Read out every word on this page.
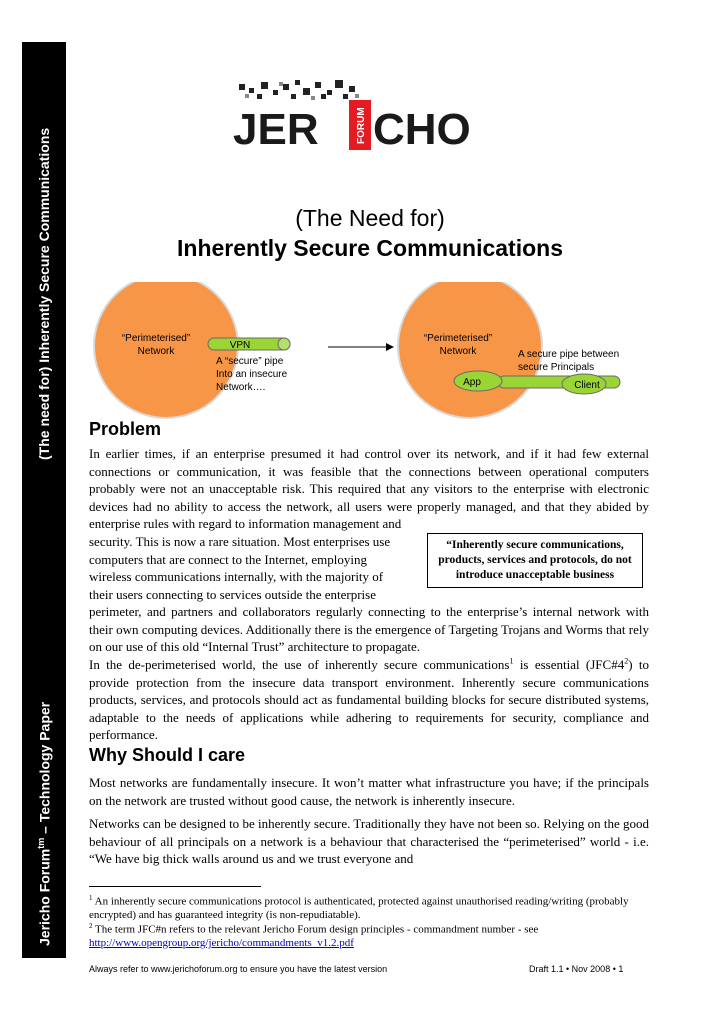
(The need for) Inherently Secure Communications
Jericho Forum$^{tm}$ – Technology Paper
JER	FORUM CHO
(The Need for)
Inherently Secure Communications
“Perimeterised”
Network
VPN
A “secure” pipe
Into an insecure
Network….
“Perimeterised”
Network
App	Client
A secure pipe between
secure Principals
Problem

In earlier times, if an enterprise presumed it had control over its network, and if it had few external connections or communication, it was feasible that the connections between operational computers probably were not an unacceptable risk. This required that any visitors to the enterprise with electronic devices had no ability to access the network, all users were properly managed, and that they abided by enterprise rules with regard to information management and

security. This is now a rare situation. Most enterprises use
computers that are connect to the Internet, employing
wireless communications internally, with the majority of
their users connecting to services outside the enterprise

perimeter, and partners and collaborators regularly connecting to the enterprise’s internal network with their own computing devices. Additionally there is the emergence of Targeting Trojans and Worms that rely on our use of this old “Internal Trust” architecture to propagate.

“Inherently secure communications, products, services and protocols, do not introduce unacceptable business

In the de-perimeterised world, the use of inherently secure communications$^1$ is essential $(JFC\#4^2)$ to provide protection from the insecure data transport environment. Inherently secure communications products, services, and protocols should act as fundamental building blocks for secure distributed systems, adaptable to the needs of applications while adhering to requirements for security, compliance and performance.

Why Should I care

Most networks are fundamentally insecure. It won’t matter what infrastructure you have; if the principals on the network are trusted without good cause, the network is inherently insecure.

Networks can be designed to be inherently secure. Traditionally they have not been so. Relying on the good behaviour of all principals on a network is a behaviour that characterised the “perimeterised” world - i.e. “We have big thick walls around us and we trust everyone and

$^1$ An inherently secure communications protocol is authenticated, protected against unauthorised reading/writing (probably encrypted) and has guaranteed integrity (is non-repudiatable).
$^2$ The term JFC#n refers to the relevant Jericho Forum design principles - commandment number - see
http://www.opengroup.org/jericho/commandments_v1.2.pdf
Always refer to www.jerichoforum.org to ensure you have the latest version	Draft 1.1 • Nov 2008 • 1
